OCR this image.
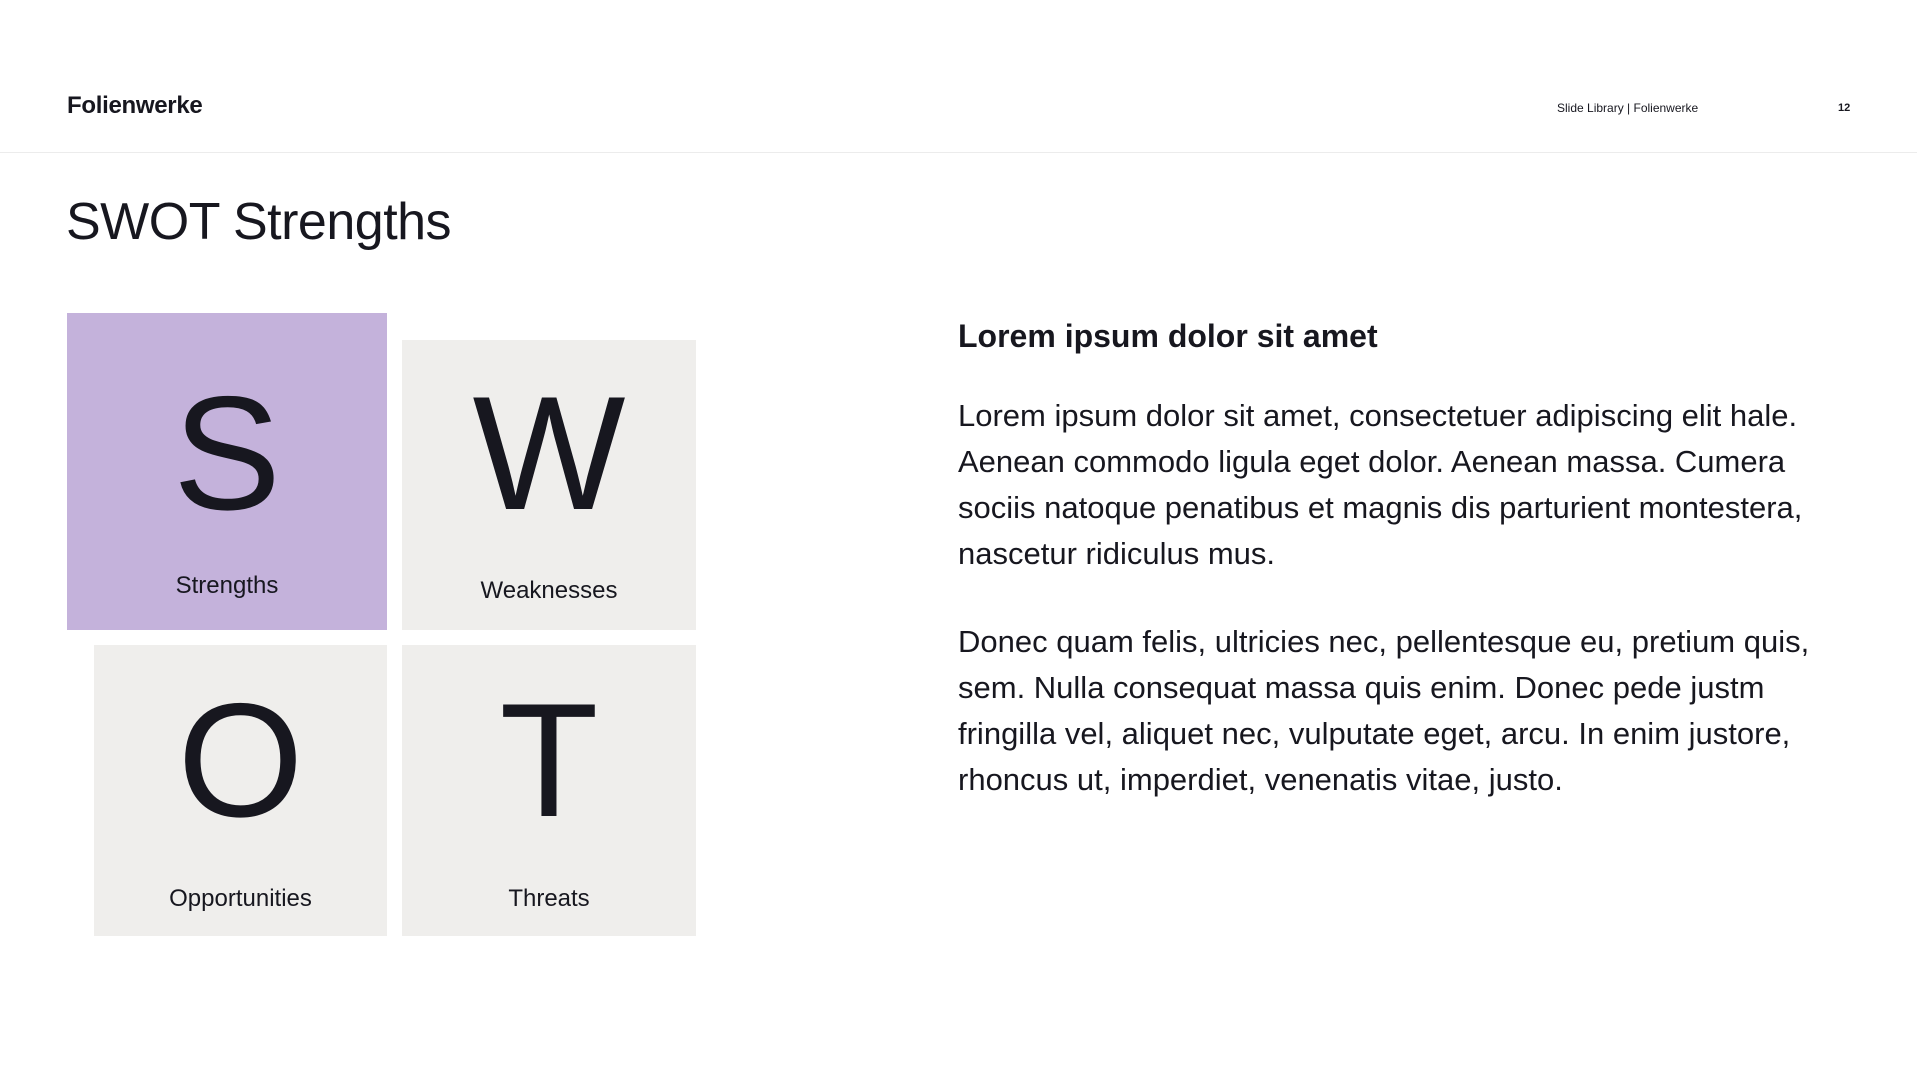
Folienwerke	Slide Library | Folienwerke	12
SWOT Strengths
S
Strengths
W
Weaknesses
O
Opportunities
T
Threats
Lorem ipsum dolor sit amet

Lorem ipsum dolor sit amet, consectetuer adipiscing elit hale. Aenean commodo ligula eget dolor. Aenean massa. Cumera sociis natoque penatibus et magnis dis parturient montestera, nascetur ridiculus mus.

Donec quam felis, ultricies nec, pellentesque eu, pretium quis, sem. Nulla consequat massa quis enim. Donec pede justm fringilla vel, aliquet nec, vulputate eget, arcu. In enim justore, rhoncus ut, imperdiet, venenatis vitae, justo.
